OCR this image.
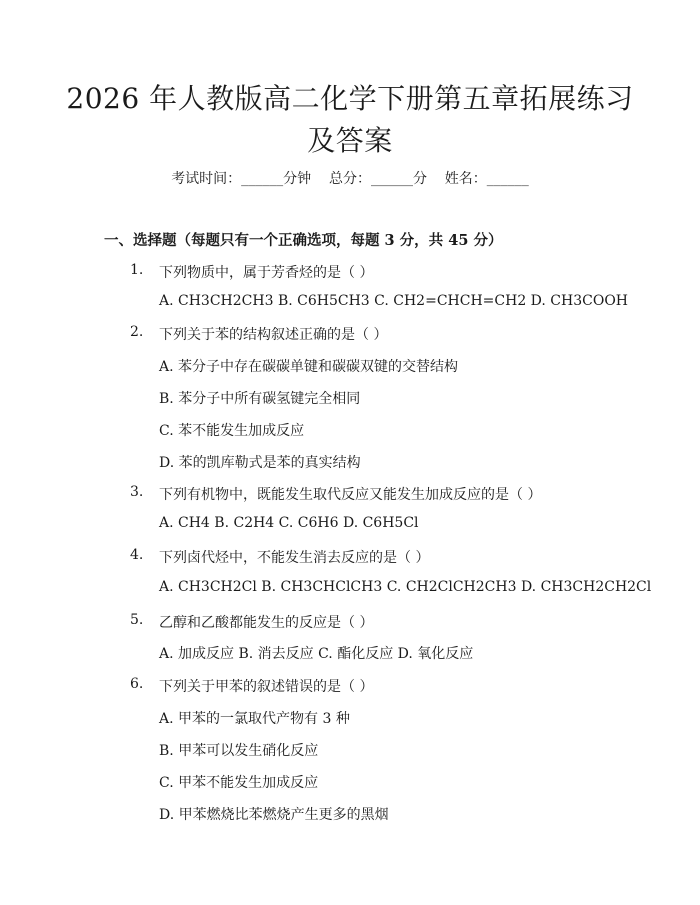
2026 年人教版高二化学下册第五章拓展练习
及答案
考试时间：______分钟    总分：______分    姓名：______
一、选择题（每题只有一个正确选项，每题 3 分，共 45 分）
1. 下列物质中，属于芳香烃的是（ ）
A. CH3CH2CH3 B. C6H5CH3 C. CH2=CHCH=CH2 D. CH3COOH
2. 下列关于苯的结构叙述正确的是（ ）
A. 苯分子中存在碳碳单键和碳碳双键的交替结构
B. 苯分子中所有碳氢键完全相同
C. 苯不能发生加成反应
D. 苯的凯库勒式是苯的真实结构
3. 下列有机物中，既能发生取代反应又能发生加成反应的是（ ）
A. CH4 B. C2H4 C. C6H6 D. C6H5Cl
4. 下列卤代烃中，不能发生消去反应的是（ ）
A. CH3CH2Cl B. CH3CHClCH3 C. CH2ClCH2CH3 D. CH3CH2CH2Cl
5. 乙醇和乙酸都能发生的反应是（ ）
A. 加成反应 B. 消去反应 C. 酯化反应 D. 氧化反应
6. 下列关于甲苯的叙述错误的是（ ）
A. 甲苯的一氯取代产物有 3 种
B. 甲苯可以发生硝化反应
C. 甲苯不能发生加成反应
D. 甲苯燃烧比苯燃烧产生更多的黑烟
